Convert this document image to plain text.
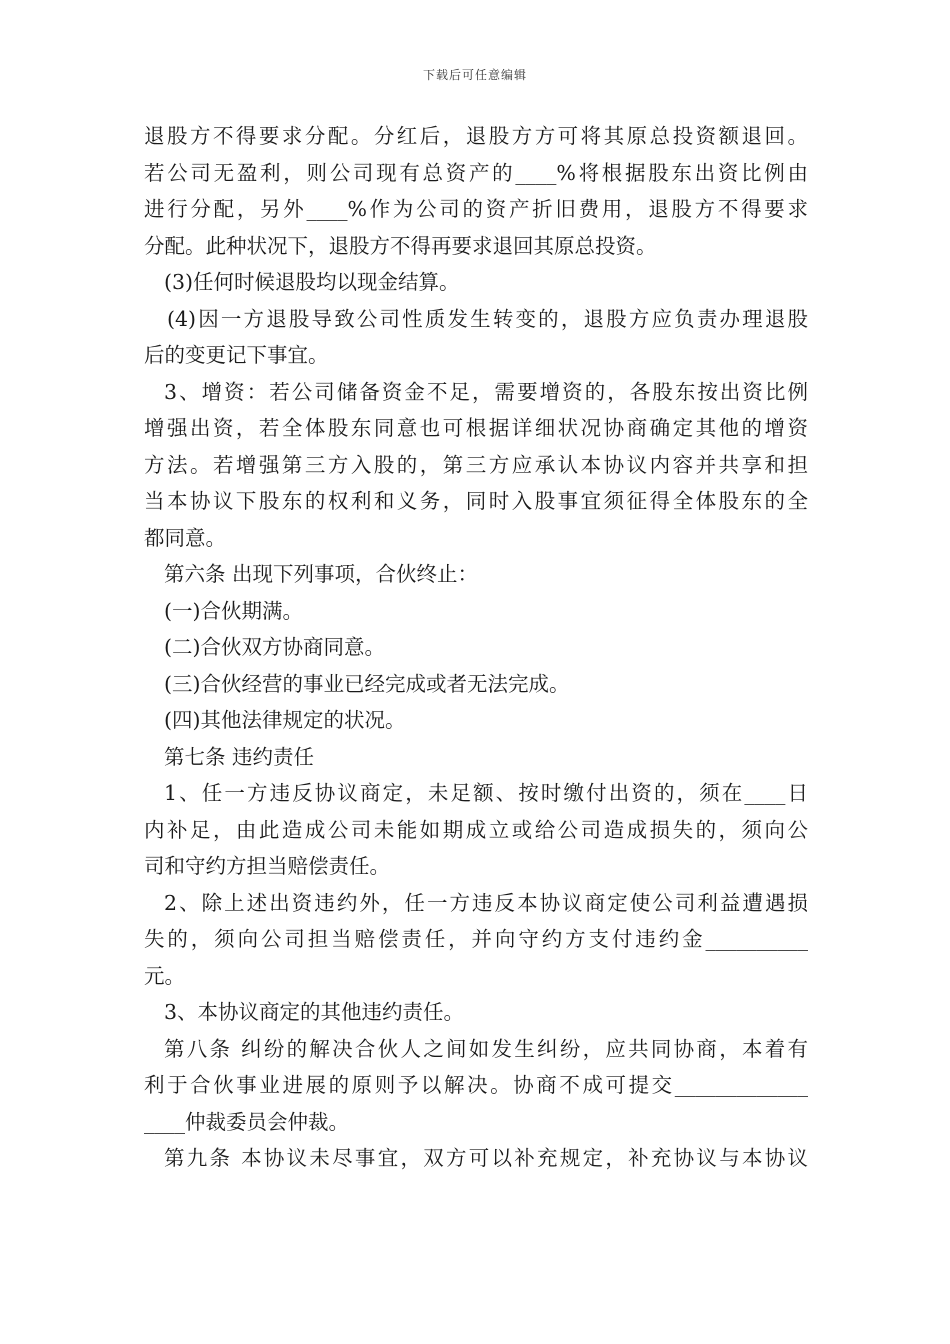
下载后可任意编辑
退股方不得要求分配。分红后，退股方方可将其原总投资额退回。
若公司无盈利，则公司现有总资产的____%将根据股东出资比例由
进行分配，另外____%作为公司的资产折旧费用，退股方不得要求
分配。此种状况下，退股方不得再要求退回其原总投资。
(3)任何时候退股均以现金结算。
(4)因一方退股导致公司性质发生转变的，退股方应负责办理退股
后的变更记下事宜。
3、增资：若公司储备资金不足，需要增资的，各股东按出资比例
增强出资，若全体股东同意也可根据详细状况协商确定其他的增资
方法。若增强第三方入股的，第三方应承认本协议内容并共享和担
当本协议下股东的权利和义务，同时入股事宜须征得全体股东的全
都同意。
第六条 出现下列事项，合伙终止：
(一)合伙期满。
(二)合伙双方协商同意。
(三)合伙经营的事业已经完成或者无法完成。
(四)其他法律规定的状况。
第七条 违约责任
1、任一方违反协议商定，未足额、按时缴付出资的，须在____日
内补足，由此造成公司未能如期成立或给公司造成损失的，须向公
司和守约方担当赔偿责任。
2、除上述出资违约外，任一方违反本协议商定使公司利益遭遇损
失的，须向公司担当赔偿责任，并向守约方支付违约金__________
元。
3、本协议商定的其他违约责任。
第八条 纠纷的解决合伙人之间如发生纠纷，应共同协商，本着有
利于合伙事业进展的原则予以解决。协商不成可提交_____________
____仲裁委员会仲裁。
第九条 本协议未尽事宜，双方可以补充规定，补充协议与本协议
